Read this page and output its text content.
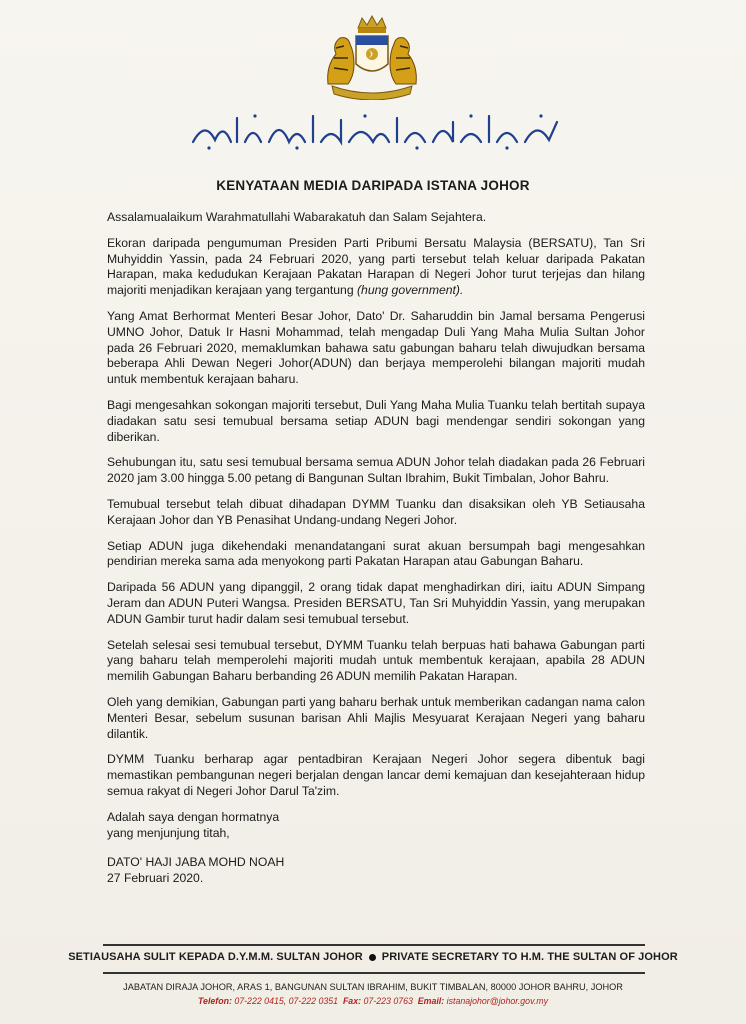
KENYATAAN MEDIA DARIPADA ISTANA JOHOR

Assalamualaikum Warahmatullahi Wabarakatuh dan Salam Sejahtera.

Ekoran daripada pengumuman Presiden Parti Pribumi Bersatu Malaysia (BERSATU), Tan Sri Muhyiddin Yassin, pada 24 Februari 2020, yang parti tersebut telah keluar daripada Pakatan Harapan, maka kedudukan Kerajaan Pakatan Harapan di Negeri Johor turut terjejas dan hilang majoriti menjadikan kerajaan yang tergantung (hung government).

Yang Amat Berhormat Menteri Besar Johor, Dato' Dr. Saharuddin bin Jamal bersama Pengerusi UMNO Johor, Datuk Ir Hasni Mohammad, telah mengadap Duli Yang Maha Mulia Sultan Johor pada 26 Februari 2020, memaklumkan bahawa satu gabungan baharu telah diwujudkan bersama beberapa Ahli Dewan Negeri Johor(ADUN) dan berjaya memperolehi bilangan majoriti mudah untuk membentuk kerajaan baharu.

Bagi mengesahkan sokongan majoriti tersebut, Duli Yang Maha Mulia Tuanku telah bertitah supaya diadakan satu sesi temubual bersama setiap ADUN bagi mendengar sendiri sokongan yang diberikan.

Sehubungan itu, satu sesi temubual bersama semua ADUN Johor telah diadakan pada 26 Februari 2020 jam 3.00 hingga 5.00 petang di Bangunan Sultan Ibrahim, Bukit Timbalan, Johor Bahru.

Temubual tersebut telah dibuat dihadapan DYMM Tuanku dan disaksikan oleh YB Setiausaha Kerajaan Johor dan YB Penasihat Undang-undang Negeri Johor.

Setiap ADUN juga dikehendaki menandatangani surat akuan bersumpah bagi mengesahkan pendirian mereka sama ada menyokong parti Pakatan Harapan atau Gabungan Baharu.

Daripada 56 ADUN yang dipanggil, 2 orang tidak dapat menghadirkan diri, iaitu ADUN Simpang Jeram dan ADUN Puteri Wangsa. Presiden BERSATU, Tan Sri Muhyiddin Yassin, yang merupakan ADUN Gambir turut hadir dalam sesi temubual tersebut.

Setelah selesai sesi temubual tersebut, DYMM Tuanku telah berpuas hati bahawa Gabungan parti yang baharu telah memperolehi majoriti mudah untuk membentuk kerajaan, apabila 28 ADUN memilih Gabungan Baharu berbanding 26 ADUN memilih Pakatan Harapan.

Oleh yang demikian, Gabungan parti yang baharu berhak untuk memberikan cadangan nama calon Menteri Besar, sebelum susunan barisan Ahli Majlis Mesyuarat Kerajaan Negeri yang baharu dilantik.

DYMM Tuanku berharap agar pentadbiran Kerajaan Negeri Johor segera dibentuk bagi memastikan pembangunan negeri berjalan dengan lancar demi kemajuan dan kesejahteraan hidup semua rakyat di Negeri Johor Darul Ta'zim.

Adalah saya dengan hormatnya

yang menjunjung titah,

DATO' HAJI JABA MOHD NOAH

27 Februari 2020.

SETIAUSAHA SULIT KEPADA D.Y.M.M. SULTAN JOHOR PRIVATE SECRETARY TO H.M. THE SULTAN OF JOHOR
JABATAN DIRAJA JOHOR, ARAS 1, BANGUNAN SULTAN IBRAHIM, BUKIT TIMBALAN, 80000 JOHOR BAHRU, JOHOR
Telefon: 07-222 0415, 07-222 0351 Fax: 07-223 0763 Email: istanajohor@johor.gov.my
